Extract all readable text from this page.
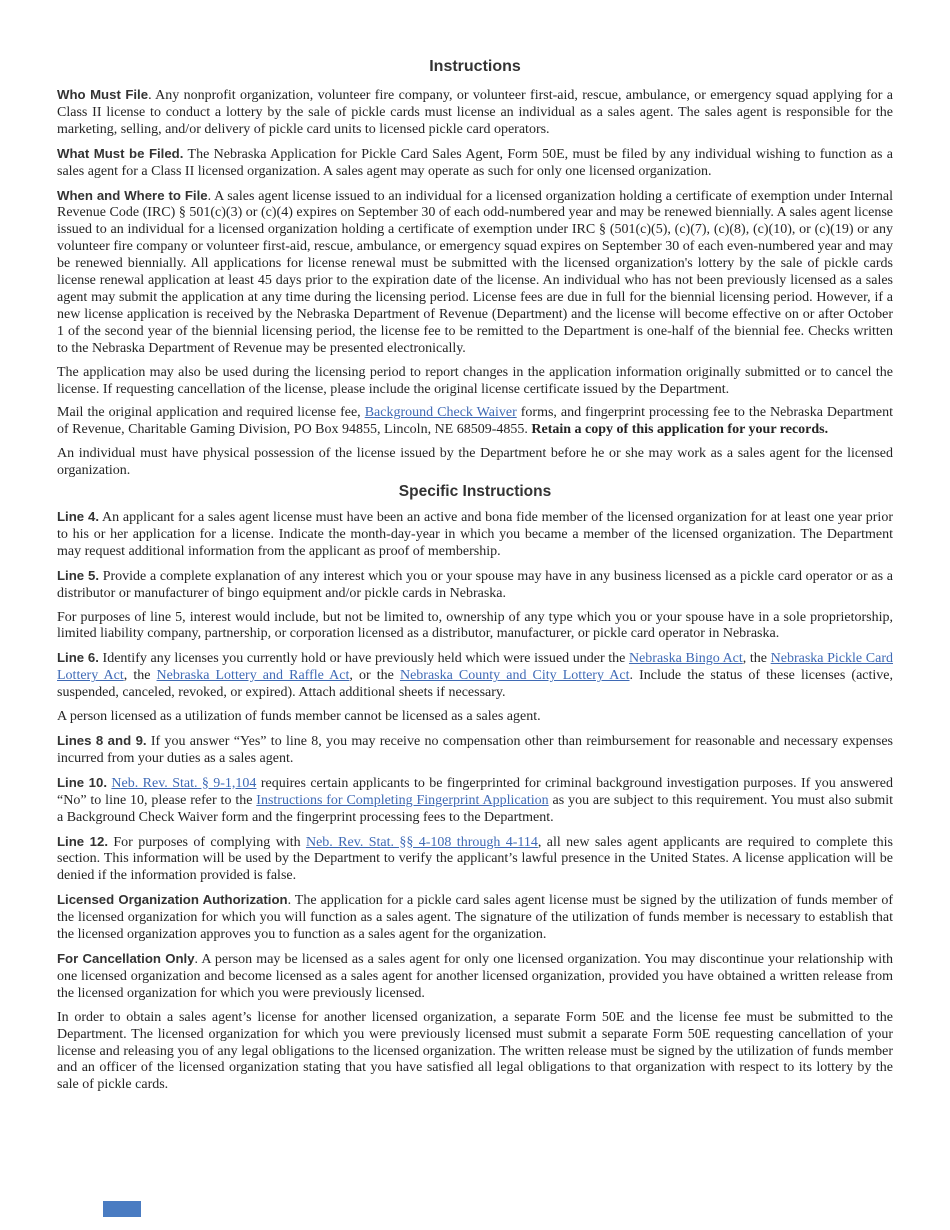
Instructions

Who Must File. Any nonprofit organization, volunteer fire company, or volunteer first-aid, rescue, ambulance, or emergency squad applying for a Class II license to conduct a lottery by the sale of pickle cards must license an individual as a sales agent. The sales agent is responsible for the marketing, selling, and/or delivery of pickle card units to licensed pickle card operators.

What Must be Filed. The Nebraska Application for Pickle Card Sales Agent, Form 50E, must be filed by any individual wishing to function as a sales agent for a Class II licensed organization. A sales agent may operate as such for only one licensed organization.

When and Where to File. A sales agent license issued to an individual for a licensed organization holding a certificate of exemption under Internal Revenue Code (IRC) § 501(c)(3) or (c)(4) expires on September 30 of each odd-numbered year and may be renewed biennially. A sales agent license issued to an individual for a licensed organization holding a certificate of exemption under IRC § (501(c)(5), (c)(7), (c)(8), (c)(10), or (c)(19) or any volunteer fire company or volunteer first-aid, rescue, ambulance, or emergency squad expires on September 30 of each even-numbered year and may be renewed biennially. All applications for license renewal must be submitted with the licensed organization's lottery by the sale of pickle cards license renewal application at least 45 days prior to the expiration date of the license. An individual who has not been previously licensed as a sales agent may submit the application at any time during the licensing period. License fees are due in full for the biennial licensing period. However, if a new license application is received by the Nebraska Department of Revenue (Department) and the license will become effective on or after October 1 of the second year of the biennial licensing period, the license fee to be remitted to the Department is one-half of the biennial fee. Checks written to the Nebraska Department of Revenue may be presented electronically.

The application may also be used during the licensing period to report changes in the application information originally submitted or to cancel the license. If requesting cancellation of the license, please include the original license certificate issued by the Department.

Mail the original application and required license fee, Background Check Waiver forms, and fingerprint processing fee to the Nebraska Department of Revenue, Charitable Gaming Division, PO Box 94855, Lincoln, NE 68509-4855. Retain a copy of this application for your records.

An individual must have physical possession of the license issued by the Department before he or she may work as a sales agent for the licensed organization.

Specific Instructions

Line 4. An applicant for a sales agent license must have been an active and bona fide member of the licensed organization for at least one year prior to his or her application for a license. Indicate the month-day-year in which you became a member of the licensed organization. The Department may request additional information from the applicant as proof of membership.

Line 5. Provide a complete explanation of any interest which you or your spouse may have in any business licensed as a pickle card operator or as a distributor or manufacturer of bingo equipment and/or pickle cards in Nebraska.

For purposes of line 5, interest would include, but not be limited to, ownership of any type which you or your spouse have in a sole proprietorship, limited liability company, partnership, or corporation licensed as a distributor, manufacturer, or pickle card operator in Nebraska.

Line 6. Identify any licenses you currently hold or have previously held which were issued under the Nebraska Bingo Act, the Nebraska Pickle Card Lottery Act, the Nebraska Lottery and Raffle Act, or the Nebraska County and City Lottery Act. Include the status of these licenses (active, suspended, canceled, revoked, or expired). Attach additional sheets if necessary.

A person licensed as a utilization of funds member cannot be licensed as a sales agent.

Lines 8 and 9. If you answer “Yes” to line 8, you may receive no compensation other than reimbursement for reasonable and necessary expenses incurred from your duties as a sales agent.

Line 10. Neb. Rev. Stat. § 9-1,104 requires certain applicants to be fingerprinted for criminal background investigation purposes. If you answered “No” to line 10, please refer to the Instructions for Completing Fingerprint Application as you are subject to this requirement. You must also submit a Background Check Waiver form and the fingerprint processing fees to the Department.

Line 12. For purposes of complying with Neb. Rev. Stat. §§ 4-108 through 4-114, all new sales agent applicants are required to complete this section. This information will be used by the Department to verify the applicant’s lawful presence in the United States. A license application will be denied if the information provided is false.

Licensed Organization Authorization. The application for a pickle card sales agent license must be signed by the utilization of funds member of the licensed organization for which you will function as a sales agent. The signature of the utilization of funds member is necessary to establish that the licensed organization approves you to function as a sales agent for the organization.

For Cancellation Only. A person may be licensed as a sales agent for only one licensed organization. You may discontinue your relationship with one licensed organization and become licensed as a sales agent for another licensed organization, provided you have obtained a written release from the licensed organization for which you were previously licensed.

In order to obtain a sales agent’s license for another licensed organization, a separate Form 50E and the license fee must be submitted to the Department. The licensed organization for which you were previously licensed must submit a separate Form 50E requesting cancellation of your license and releasing you of any legal obligations to the licensed organization. The written release must be signed by the utilization of funds member and an officer of the licensed organization stating that you have satisfied all legal obligations to that organization with respect to its lottery by the sale of pickle cards.
